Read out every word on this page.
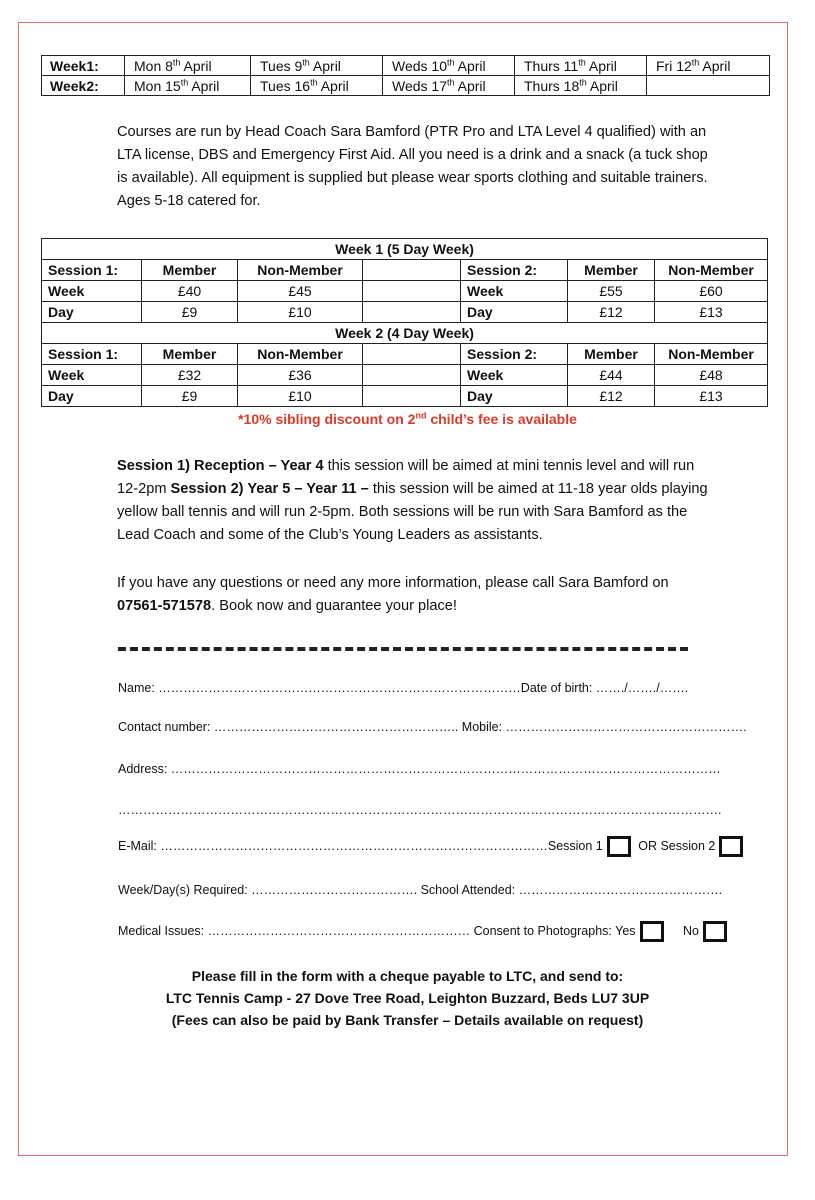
Week1:	Mon 8th April	Tues 9th April	Weds 10th April	Thurs 11th April	Fri 12th April
Week2:	Mon 15th April	Tues 16th April	Weds 17th April	Thurs 18th April	
Courses are run by Head Coach Sara Bamford (PTR Pro and LTA Level 4 qualified) with an LTA license, DBS and Emergency First Aid. All you need is a drink and a snack (a tuck shop is available). All equipment is supplied but please wear sports clothing and suitable trainers. Ages 5-18 catered for.
Week 1 (5 Day Week)						
Session 1:	Member	Non-Member		Session 2:	Member	Non-Member
Week	£40	£45		Week	£55	£60
Day	£9	£10		Day	£12	£13
Week 2 (4 Day Week)						
Session 1:	Member	Non-Member		Session 2:	Member	Non-Member
Week	£32	£36		Week	£44	£48
Day	£9	£10		Day	£12	£13
*10% sibling discount on 2nd child’s fee is available
Session 1) Reception – Year 4 this session will be aimed at mini tennis level and will run 12-2pm Session 2) Year 5 – Year 11 – this session will be aimed at 11-18 year olds playing yellow ball tennis and will run 2-5pm. Both sessions will be run with Sara Bamford as the Lead Coach and some of the Club’s Young Leaders as assistants.
If you have any questions or need any more information, please call Sara Bamford on 07561-571578. Book now and guarantee your place!
Name: ……………………………………………………………………………Date of birth: ……./……./…….
Contact number: ………………………………………………….. Mobile: ………………………………………………….
Address: ……………………………………………………………………………………………………………………
……………………………………………………………………………………………………………………………….
E-Mail: …………………………………………………………………………………Session 1	OR Session 2
Week/Day(s) Required: …………………………………. School Attended: ………………………………………….
Medical Issues: ……………………………………………………… Consent to Photographs: Yes	No
Please fill in the form with a cheque payable to LTC, and send to:
LTC Tennis Camp - 27 Dove Tree Road, Leighton Buzzard, Beds LU7 3UP
(Fees can also be paid by Bank Transfer – Details available on request)
